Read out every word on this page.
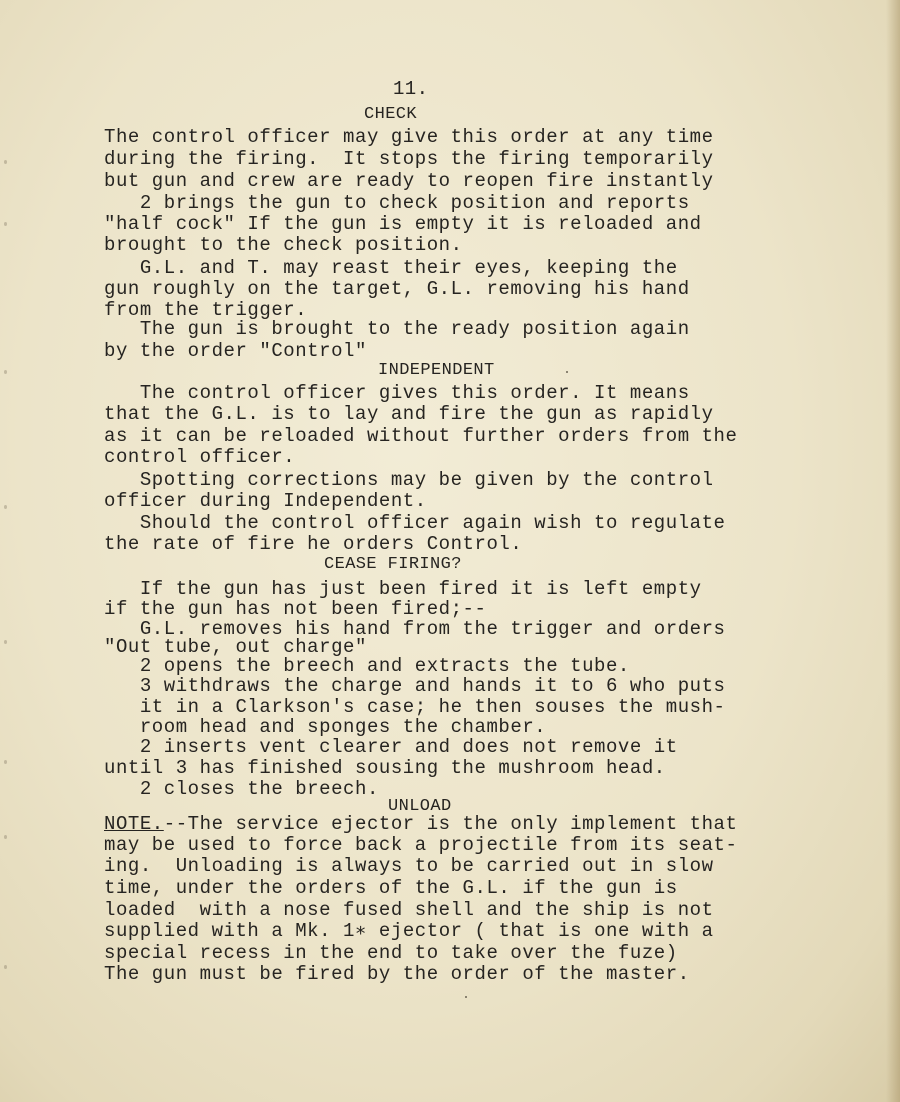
11.
CHECK
The control officer may give this order at any time
during the firing.  It stops the firing temporarily
but gun and crew are ready to reopen fire instantly
2 brings the gun to check position and reports
"half cock" If the gun is empty it is reloaded and
brought to the check position.
G.L. and T. may reast their eyes, keeping the
gun roughly on the target, G.L. removing his hand
from the trigger.
The gun is brought to the ready position again
by the order "Control"
INDEPENDENT
The control officer gives this order. It means
that the G.L. is to lay and fire the gun as rapidly
as it can be reloaded without further orders from the
control officer.
Spotting corrections may be given by the control
officer during Independent.
Should the control officer again wish to regulate
the rate of fire he orders Control.
CEASE FIRING?
If the gun has just been fired it is left empty
if the gun has not been fired;--
G.L. removes his hand from the trigger and orders
"Out tube, out charge"
2 opens the breech and extracts the tube.
3 withdraws the charge and hands it to 6 who puts
it in a Clarkson's case; he then souses the mush-
room head and sponges the chamber.
2 inserts vent clearer and does not remove it
until 3 has finished sousing the mushroom head.
2 closes the breech.
UNLOAD
NOTE.--The service ejector is the only implement that
may be used to force back a projectile from its seat-
ing.  Unloading is always to be carried out in slow
time, under the orders of the G.L. if the gun is
loaded  with a nose fused shell and the ship is not
supplied with a Mk. 1∗ ejector ( that is one with a
special recess in the end to take over the fuze)
The gun must be fired by the order of the master.
